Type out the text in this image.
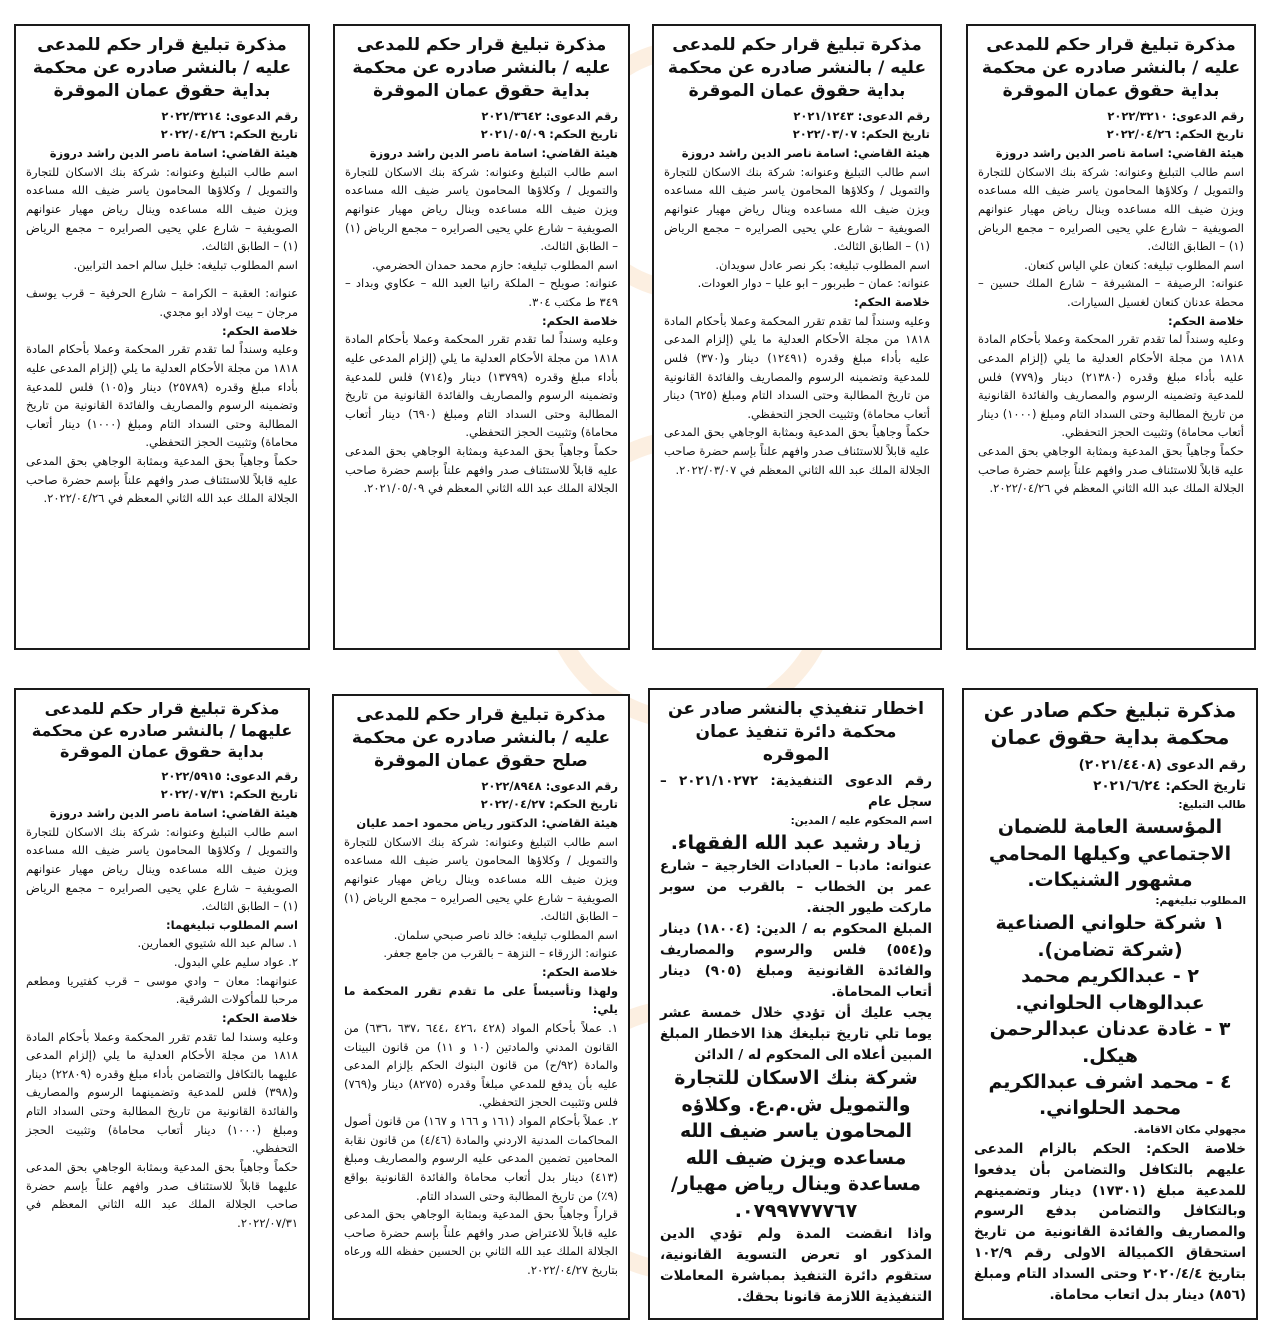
مذكرة تبليغ قرار حكم للمدعى عليه / بالنشر صادره عن محكمة بداية حقوق عمان الموقرة

رقم الدعوى: ٢٠٢٢/٣٢١٠

تاريخ الحكم: ٢٠٢٢/٠٤/٢٦

هيئة القاضي: اسامة ناصر الدين راشد دروزة

اسم طالب التبليغ وعنوانه: شركة بنك الاسكان للتجارة والتمويل / وكلاؤها المحامون ياسر ضيف الله مساعده ويزن ضيف الله مساعده وينال رياض مهيار عنوانهم الصويفية – شارع علي يحيى الصرايره – مجمع الرياض (١) – الطابق الثالث.

اسم المطلوب تبليغه: كنعان علي الياس كنعان.

عنوانه: الرصيفة – المشيرفة – شارع الملك حسين – محطة عدنان كنعان لغسيل السيارات.

خلاصة الحكم:

وعليه وسنداً لما تقدم تقرر المحكمة وعملا بأحكام المادة ١٨١٨ من مجلة الأحكام العدلية ما يلي (إلزام المدعى عليه بأداء مبلغ وقدره (٢١٣٨٠) دينار و(٧٧٩) فلس للمدعية وتضمينه الرسوم والمصاريف والفائدة القانونية من تاريخ المطالبة وحتى السداد التام ومبلغ (١٠٠٠) دينار أتعاب محاماة) وتثبيت الحجز التحفظي.

حكماً وجاهياً بحق المدعية وبمثابة الوجاهي بحق المدعى عليه قابلاً للاستئناف صدر وافهم علناً بإسم حضرة صاحب الجلالة الملك عبد الله الثاني المعظم في ٢٠٢٢/٠٤/٢٦.

مذكرة تبليغ قرار حكم للمدعى عليه / بالنشر صادره عن محكمة بداية حقوق عمان الموقرة

رقم الدعوى: ٢٠٢١/١٢٤٣

تاريخ الحكم: ٢٠٢٢/٠٣/٠٧

هيئة القاضي: اسامة ناصر الدين راشد دروزة

اسم طالب التبليغ وعنوانه: شركة بنك الاسكان للتجارة والتمويل / وكلاؤها المحامون ياسر ضيف الله مساعده ويزن ضيف الله مساعده وينال رياض مهيار عنوانهم الصويفية – شارع علي يحيى الصرايره – مجمع الرياض (١) – الطابق الثالث.

اسم المطلوب تبليغه: بكر نصر عادل سويدان.

عنوانه: عمان – طبربور – ابو عليا – دوار العودات.

خلاصة الحكم:

وعليه وسنداً لما تقدم تقرر المحكمة وعملا بأحكام المادة ١٨١٨ من مجلة الأحكام العدلية ما يلي (إلزام المدعى عليه بأداء مبلغ وقدره (١٢٤٩١) دينار و(٣٧٠) فلس للمدعية وتضمينه الرسوم والمصاريف والفائدة القانونية من تاريخ المطالبة وحتى السداد التام ومبلغ (٦٢٥) دينار أتعاب محاماة) وتثبيت الحجز التحفظي.

حكماً وجاهياً بحق المدعية وبمثابة الوجاهي بحق المدعى عليه قابلاً للاستئناف صدر وافهم علناً بإسم حضرة صاحب الجلالة الملك عبد الله الثاني المعظم في ٢٠٢٢/٠٣/٠٧.

مذكرة تبليغ قرار حكم للمدعى عليه / بالنشر صادره عن محكمة بداية حقوق عمان الموقرة

رقم الدعوى: ٢٠٢١/٣٦٤٢

تاريخ الحكم: ٢٠٢١/٠٥/٠٩

هيئة القاضي: اسامة ناصر الدين راشد دروزة

اسم طالب التبليغ وعنوانه: شركة بنك الاسكان للتجارة والتمويل / وكلاؤها المحامون ياسر ضيف الله مساعده ويزن ضيف الله مساعده وينال رياض مهيار عنوانهم الصويفية – شارع علي يحيى الصرايره – مجمع الرياض (١) – الطابق الثالث.

اسم المطلوب تبليغه: حازم محمد حمدان الحضرمي.

عنوانه: صويلح – الملكة رانيا العبد الله – عكاوي وبداد – ٣٤٩ ط مكتب ٣٠٤.

خلاصة الحكم:

وعليه وسنداً لما تقدم تقرر المحكمة وعملا بأحكام المادة ١٨١٨ من مجلة الأحكام العدلية ما يلي (إلزام المدعى عليه بأداء مبلغ وقدره (١٣٧٩٩) دينار و(٧١٤) فلس للمدعية وتضمينه الرسوم والمصاريف والفائدة القانونية من تاريخ المطالبة وحتى السداد التام ومبلغ (٦٩٠) دينار أتعاب محاماة) وتثبيت الحجز التحفظي.

حكماً وجاهياً بحق المدعية وبمثابة الوجاهي بحق المدعى عليه قابلاً للاستئناف صدر وافهم علناً بإسم حضرة صاحب الجلالة الملك عبد الله الثاني المعظم في ٢٠٢١/٠٥/٠٩.

مذكرة تبليغ قرار حكم للمدعى عليه / بالنشر صادره عن محكمة بداية حقوق عمان الموقرة

رقم الدعوى: ٢٠٢٢/٣٢١٤

تاريخ الحكم: ٢٠٢٢/٠٤/٢٦

هيئة القاضي: اسامة ناصر الدين راشد دروزة

اسم طالب التبليغ وعنوانه: شركة بنك الاسكان للتجارة والتمويل / وكلاؤها المحامون ياسر ضيف الله مساعده ويزن ضيف الله مساعده وينال رياض مهيار عنوانهم الصويفية – شارع علي يحيى الصرايره – مجمع الرياض (١) – الطابق الثالث.

اسم المطلوب تبليغه: خليل سالم احمد الترابين.

عنوانه: العقبة – الكرامة – شارع الحرفية – قرب يوسف مرجان – بيت اولاد ابو مجدي.

خلاصة الحكم:

وعليه وسنداً لما تقدم تقرر المحكمة وعملا بأحكام المادة ١٨١٨ من مجلة الأحكام العدلية ما يلي (إلزام المدعى عليه بأداء مبلغ وقدره (٢٥٧٨٩) دينار و(١٠٥) فلس للمدعية وتضمينه الرسوم والمصاريف والفائدة القانونية من تاريخ المطالبة وحتى السداد التام ومبلغ (١٠٠٠) دينار أتعاب محاماة) وتثبيت الحجز التحفظي.

حكماً وجاهياً بحق المدعية وبمثابة الوجاهي بحق المدعى عليه قابلاً للاستئناف صدر وافهم علناً بإسم حضرة صاحب الجلالة الملك عبد الله الثاني المعظم في ٢٠٢٢/٠٤/٢٦.

مذكرة تبليغ حكم صادر عن محكمة بداية حقوق عمان

رقم الدعوى (٢٠٢١/٤٤٠٨)

تاريخ الحكم: ٢٠٢١/٦/٢٤

طالب التبليغ:

المؤسسة العامة للضمان الاجتماعي وكيلها المحامي مشهور الشنيكات.

المطلوب تبليغهم:

١ شركة حلواني الصناعية (شركة تضامن).

٢ - عبدالكريم محمد عبدالوهاب الحلواني.

٣ - غادة عدنان عبدالرحمن هيكل.

٤ - محمد اشرف عبدالكريم محمد الحلواني.

مجهولي مكان الاقامة.

خلاصة الحكم: الحكم بالزام المدعى عليهم بالتكافل والتضامن بأن يدفعوا للمدعية مبلغ (١٧٣٠١) دينار وتضمينهم وبالتكافل والتضامن بدفع الرسوم والمصاريف والفائدة القانونية من تاريخ استحقاق الكمبيالة الاولى رقم ١٠٢/٩ بتاريخ ٢٠٢٠/٤/٤ وحتى السداد التام ومبلغ (٨٥٦) دينار بدل اتعاب محاماة.

اخطار تنفيذي بالنشر صادر عن محكمة دائرة تنفيذ عمان الموقره

رقم الدعوى التنفيذية: ٢٠٢١/١٠٢٧٢ – سجل عام

اسم المحكوم عليه / المدين:

زياد رشيد عبد الله الفقهاء.

عنوانه: مادبا – العبادات الخارجية – شارع عمر بن الخطاب – بالقرب من سوبر ماركت طيور الجنة.

المبلغ المحكوم به / الدين: (١٨٠٠٤) دينار و(٥٥٤) فلس والرسوم والمصاريف والفائدة القانونية ومبلغ (٩٠٥) دينار أتعاب المحاماة.

يجب عليك أن تؤدي خلال خمسة عشر يوما تلي تاريخ تبليغك هذا الاخطار المبلغ المبين أعلاه الى المحكوم له / الدائن

شركة بنك الاسكان للتجارة والتمويل ش.م.ع. وكلاؤه المحامون ياسر ضيف الله مساعده ويزن ضيف الله مساعدة وينال رياض مهيار/ ٠٧٩٩٧٧٧٧٦٧.

واذا انقضت المدة ولم تؤدي الدين المذكور او تعرض التسوية القانونية، ستقوم دائرة التنفيذ بمباشرة المعاملات التنفيذية اللازمة قانونا بحقك.

مذكرة تبليغ قرار حكم للمدعى عليه / بالنشر صادره عن محكمة صلح حقوق عمان الموقرة

رقم الدعوى: ٢٠٢٢/٨٩٤٨

تاريخ الحكم: ٢٠٢٢/٠٤/٢٧

هيئة القاضي: الدكتور رياض محمود احمد عليان

اسم طالب التبليغ وعنوانه: شركة بنك الاسكان للتجارة والتمويل / وكلاؤها المحامون ياسر ضيف الله مساعده ويزن ضيف الله مساعده وينال رياض مهيار عنوانهم الصويفية – شارع علي يحيى الصرايره – مجمع الرياض (١) – الطابق الثالث.

اسم المطلوب تبليغه: خالد ناصر صبحي سلمان.

عنوانه: الزرقاء – النزهة – بالقرب من جامع جعفر.

خلاصة الحكم:

ولهذا وتأسيساً على ما تقدم تقرر المحكمة ما يلي:

١. عملاً بأحكام المواد (٤٢٨ ،٤٢٦ ،٦٤٤ ،٦٣٧ ،٦٣٦) من القانون المدني والمادتين (١٠ و ١١) من قانون البينات والمادة (٩٢/ح) من قانون البنوك الحكم بإلزام المدعى عليه بأن يدفع للمدعي مبلغاً وقدره (٨٢٧٥) دينار و(٧٦٩) فلس وتثبيت الحجز التحفظي.

٢. عملاً بأحكام المواد (١٦١ و ١٦٦ و ١٦٧) من قانون أصول المحاكمات المدنية الاردني والمادة (٤/٤٦) من قانون نقابة المحامين تضمين المدعى عليه الرسوم والمصاريف ومبلغ (٤١٣) دينار بدل أتعاب محاماة والفائدة القانونية بواقع (٩٪) من تاريخ المطالبة وحتى السداد التام.

قراراً وجاهياً بحق المدعية وبمثابة الوجاهي بحق المدعى عليه قابلاً للاعتراض صدر وافهم علناً بإسم حضرة صاحب الجلالة الملك عبد الله الثاني بن الحسين حفظه الله ورعاه بتاريخ ٢٠٢٢/٠٤/٢٧.

مذكرة تبليغ قرار حكم للمدعى عليهما / بالنشر صادره عن محكمة بداية حقوق عمان الموقرة

رقم الدعوى: ٢٠٢٢/٥٩١٥

تاريخ الحكم: ٢٠٢٢/٠٧/٣١

هيئة القاضي: اسامة ناصر الدين راشد دروزة

اسم طالب التبليغ وعنوانه: شركة بنك الاسكان للتجارة والتمويل / وكلاؤها المحامون ياسر ضيف الله مساعده ويزن ضيف الله مساعده وينال رياض مهيار عنوانهم الصويفية – شارع علي يحيى الصرايره – مجمع الرياض (١) – الطابق الثالث.

اسم المطلوب تبليغهما:

١. سالم عبد الله شتيوي العمارين.

٢. عواد سليم علي البدول.

عنوانهما: معان – وادي موسى – قرب كفتيريا ومطعم مرحبا للمأكولات الشرقية.

خلاصة الحكم:

وعليه وسندا لما تقدم تقرر المحكمة وعملا بأحكام المادة ١٨١٨ من مجلة الأحكام العدلية ما يلي (إلزام المدعى عليهما بالتكافل والتضامن بأداء مبلغ وقدره (٢٢٨٠٩) دينار و(٣٩٨) فلس للمدعية وتضمينهما الرسوم والمصاريف والفائدة القانونية من تاريخ المطالبة وحتى السداد التام ومبلغ (١٠٠٠) دينار أتعاب محاماة) وتثبيت الحجز التحفظي.

حكماً وجاهياً بحق المدعية وبمثابة الوجاهي بحق المدعى عليهما قابلاً للاستئناف صدر وافهم علناً بإسم حضرة صاحب الجلالة الملك عبد الله الثاني المعظم في ٢٠٢٢/٠٧/٣١.
